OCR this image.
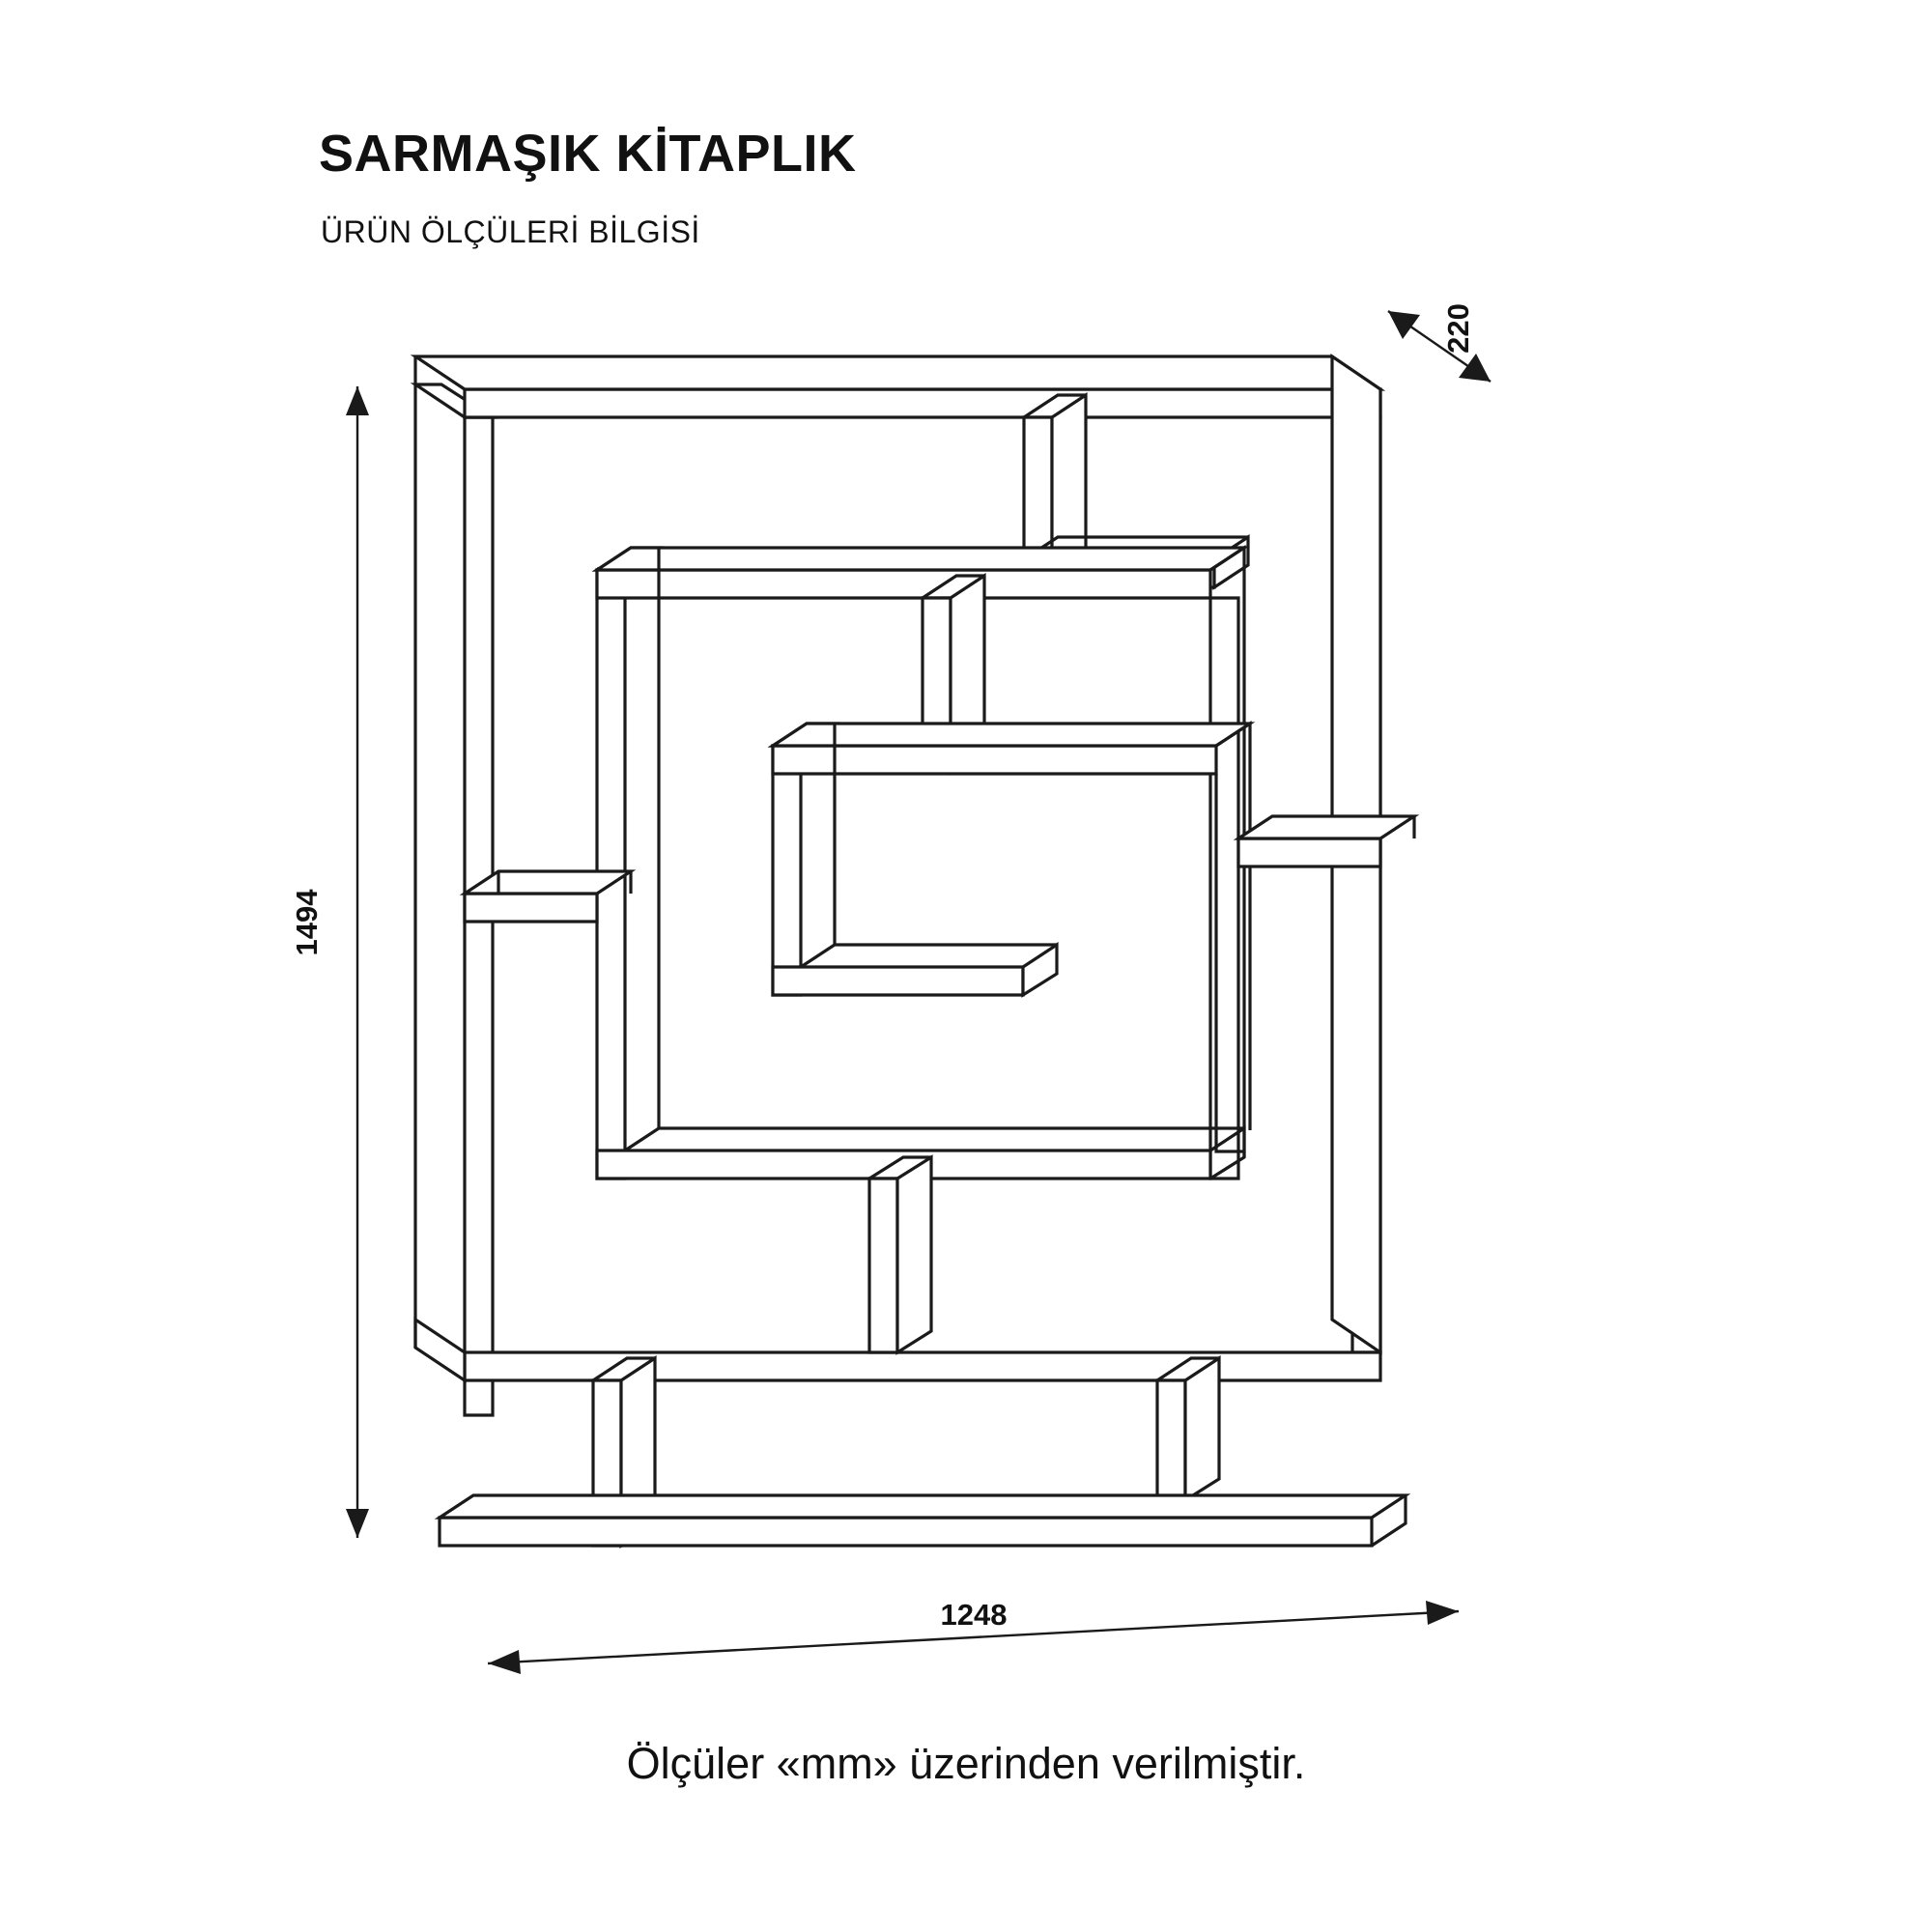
SARMAŞIK KİTAPLIK
ÜRÜN ÖLÇÜLERİ BİLGİSİ
1494
220
1248
Ölçüler «mm» üzerinden verilmiştir.
